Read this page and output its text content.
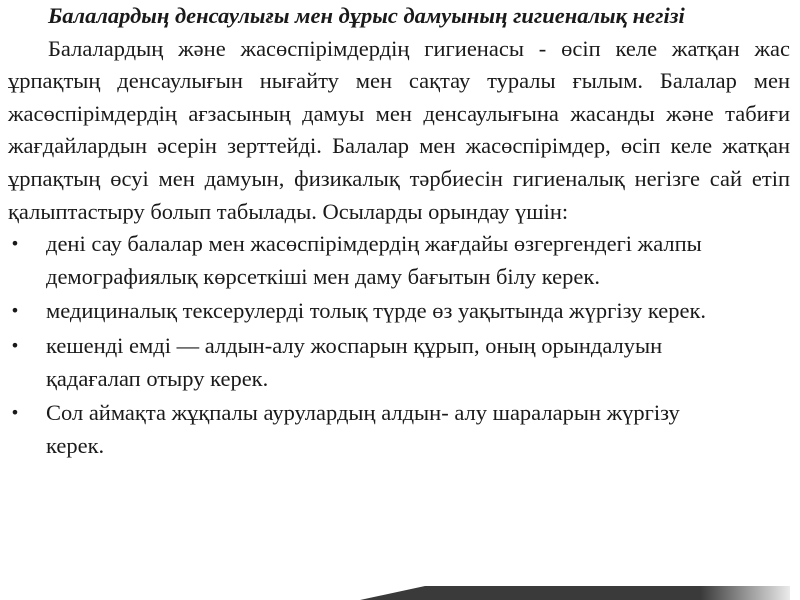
Балалардың денсаулығы мен дұрыс дамуының гигиеналық негізі

Балалардың және жасөспірімдердің гигиенасы - өсіп келе жатқан жас ұрпақтың денсаулығын нығайту мен сақтау туралы ғылым. Балалар мен жасөспірімдердің ағзасының дамуы мен денсаулығына жасанды және табиғи жағдайлардын әсерін зерттейді. Балалар мен жасөспірімдер, өсіп келе жатқан ұрпақтың өсуі мен дамуын, физикалық тәрбиесін гигиеналық негізге сай етіп қалыптастыру болып табылады. Осыларды орындау үшін:

• дені сау балалар мен жасөспірімдердің жағдайы өзгергендегі жалпы демографиялық көрсеткіші мен даму бағытын білу керек.
• медициналық тексерулерді толық түрде өз уақытында жүргізу керек.
• кешенді емді — алдын-алу жоспарын құрып, оның орындалуын қадағалап отыру керек.
• Сол аймақта жұқпалы аурулардың алдын- алу шараларын жүргізу керек.
